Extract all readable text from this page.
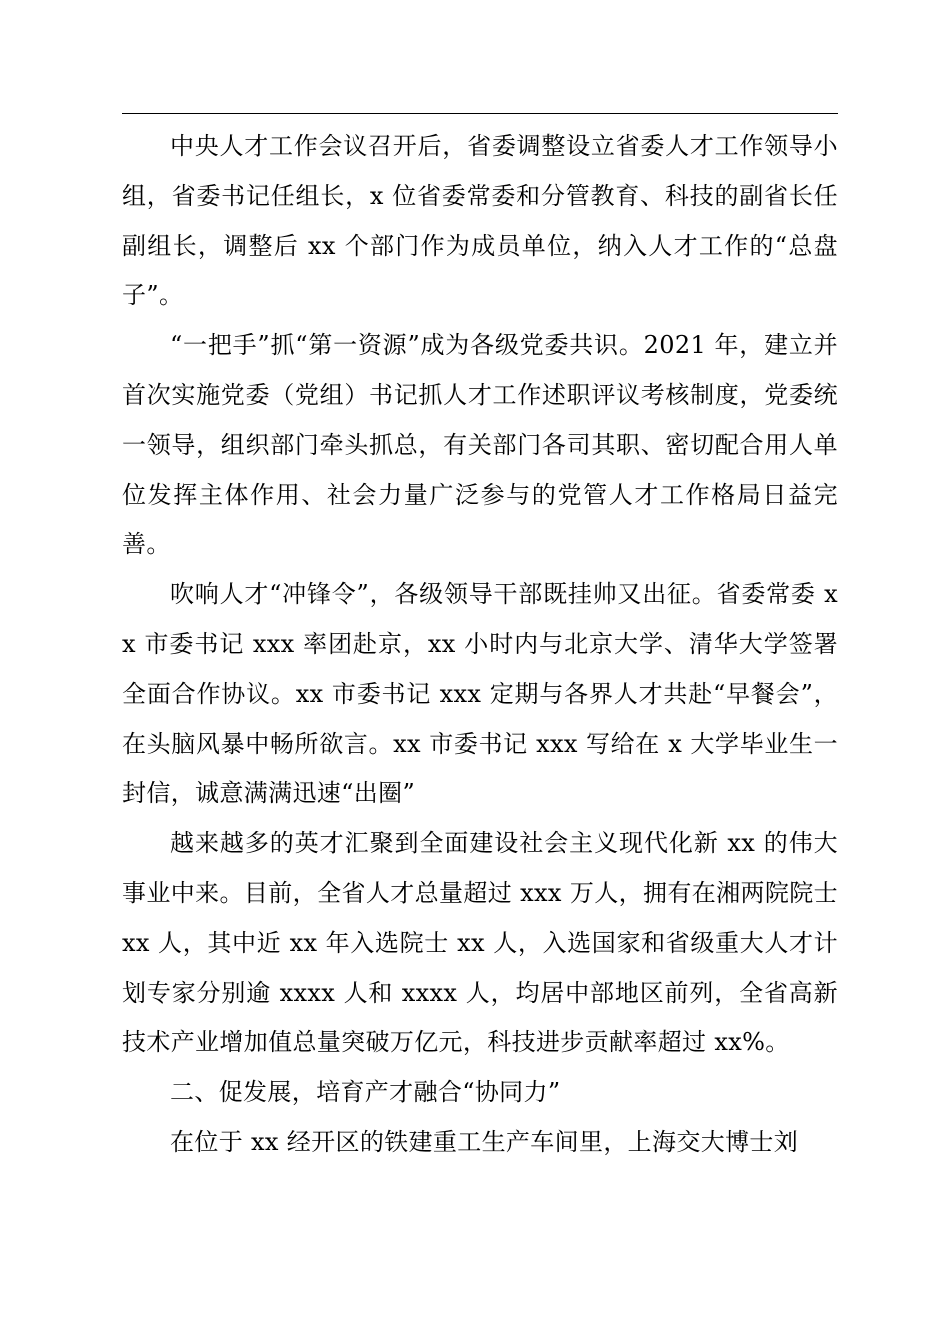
中央人才工作会议召开后，省委调整设立省委人才工作领导小组，省委书记任组长，x 位省委常委和分管教育、科技的副省长任副组长，调整后 xx 个部门作为成员单位，纳入人才工作的“总盘子”。

“一把手”抓“第一资源”成为各级党委共识。2021 年，建立并首次实施党委（党组）书记抓人才工作述职评议考核制度，党委统一领导，组织部门牵头抓总，有关部门各司其职、密切配合用人单位发挥主体作用、社会力量广泛参与的党管人才工作格局日益完善。

吹响人才“冲锋令”，各级领导干部既挂帅又出征。省委常委 xx 市委书记 xxx 率团赴京，xx 小时内与北京大学、清华大学签署全面合作协议。xx 市委书记 xxx 定期与各界人才共赴“早餐会”，在头脑风暴中畅所欲言。xx 市委书记 xxx 写给在 x 大学毕业生一封信，诚意满满迅速“出圈”

越来越多的英才汇聚到全面建设社会主义现代化新 xx 的伟大事业中来。目前，全省人才总量超过 xxx 万人，拥有在湘两院院士 xx 人，其中近 xx 年入选院士 xx 人，入选国家和省级重大人才计划专家分别逾 xxxx 人和 xxxx 人，均居中部地区前列，全省高新技术产业增加值总量突破万亿元，科技进步贡献率超过 xx%。

二、促发展，培育产才融合“协同力”

在位于 xx 经开区的铁建重工生产车间里，上海交大博士刘
